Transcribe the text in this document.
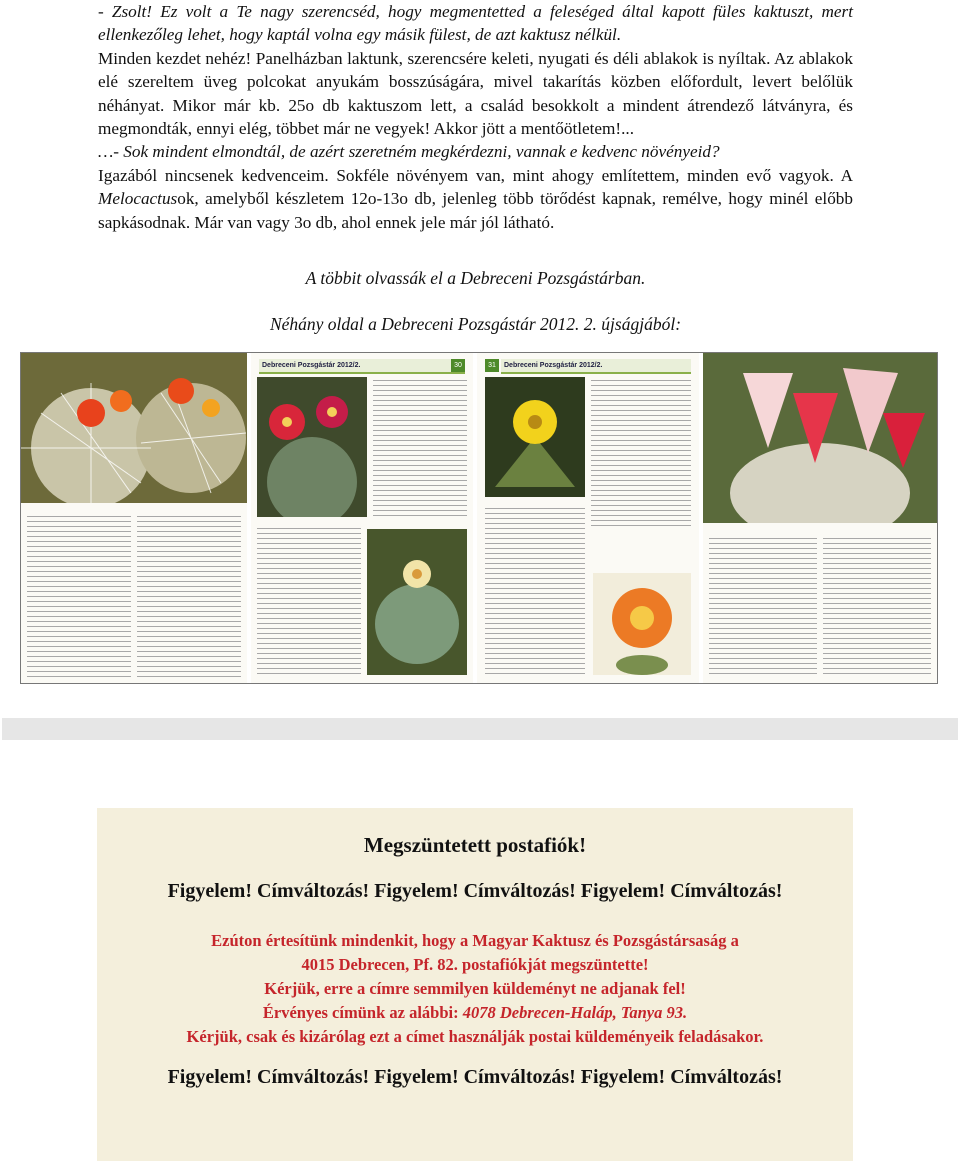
- Zsolt! Ez volt a Te nagy szerencséd, hogy megmentetted a feleséged által kapott füles kaktuszt, mert ellenkezőleg lehet, hogy kaptál volna egy másik fülest, de azt kaktusz nélkül.

Minden kezdet nehéz! Panelházban laktunk, szerencsére keleti, nyugati és déli ablakok is nyíltak. Az ablakok elé szereltem üveg polcokat anyukám bosszúságára, mivel takarítás közben előfordult, levert belőlük néhányat. Mikor már kb. 25o db kaktuszom lett, a család besokkolt a mindent átrendező látványra, és megmondták, ennyi elég, többet már ne vegyek! Akkor jött a mentőötletem!...

…- Sok mindent elmondtál, de azért szeretném megkérdezni, vannak e kedvenc növényeid?

Igazából nincsenek kedvenceim. Sokféle növényem van, mint ahogy említettem, minden evő vagyok. A Melocactusok, amelyből készletem 12o-13o db, jelenleg több törődést kapnak, remélve, hogy minél előbb sapkásodnak. Már van vagy 3o db, ahol ennek jele már jól látható.

A többit olvassák el a Debreceni Pozsgástárban.
Néhány oldal a Debreceni Pozsgástár 2012. 2. újságjából:
Debreceni Pozsgástár 2012/2.	30	Debreceni Pozsgástár 2012/2.
31
Megszüntetett postafiók!
Figyelem! Címváltozás! Figyelem! Címváltozás! Figyelem! Címváltozás!

Ezúton értesítünk mindenkit, hogy a Magyar Kaktusz és Pozsgástársaság a

4015 Debrecen, Pf. 82. postafiókját megszüntette!

Kérjük, erre a címre semmilyen küldeményt ne adjanak fel!

Érvényes címünk az alábbi: 4078 Debrecen-Haláp, Tanya 93.

Kérjük, csak és kizárólag ezt a címet használják postai küldeményeik feladásakor.

Figyelem! Címváltozás! Figyelem! Címváltozás! Figyelem! Címváltozás!
